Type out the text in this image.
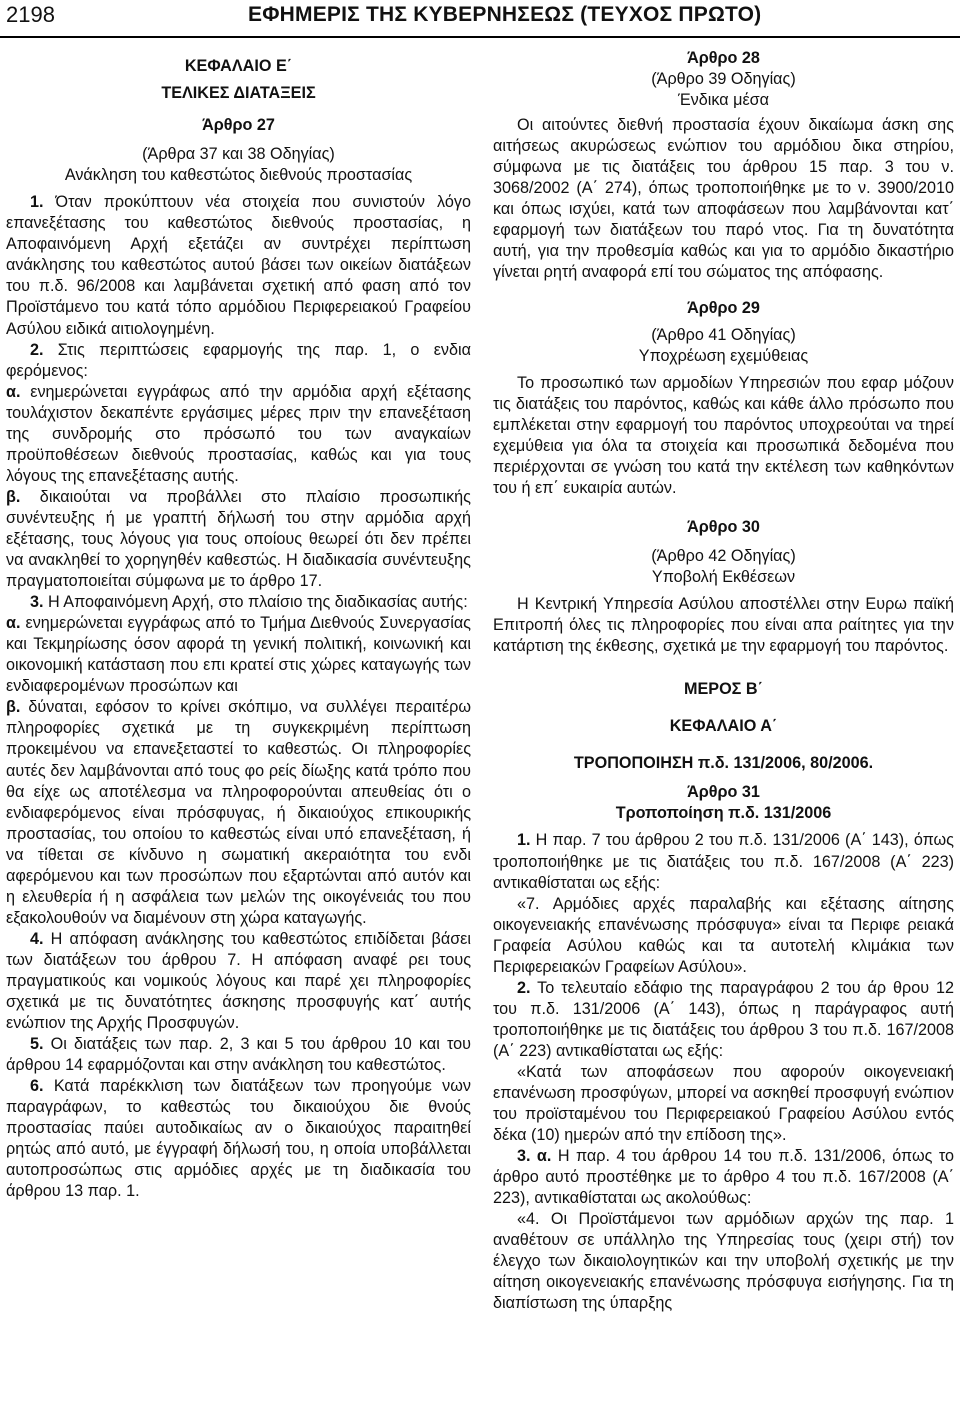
2198	ΕΦΗΜΕΡΙΣ ΤΗΣ ΚΥΒΕΡΝΗΣΕΩΣ (ΤΕΥΧΟΣ ΠΡΩΤΟ)

ΚΕΦΑΛΑΙΟ Ε΄

ΤΕΛΙΚΕΣ ΔΙΑΤΑΞΕΙΣ

Άρθρο 27

(Άρθρα 37 και 38 Οδηγίας)

Ανάκληση του καθεστώτος διεθνούς προστασίας

1. Όταν προκύπτουν νέα στοιχεία που συνιστούν λόγο επανεξέτασης του καθεστώτος διεθνούς προστασίας, η Αποφαινόμενη Αρχή εξετάζει αν συντρέχει περίπτωση ανάκλησης του καθεστώτος αυτού βάσει των οικείων διατάξεων του π.δ. 96/2008 και λαμβάνεται σχετική από φαση από τον Προϊστάμενο του κατά τόπο αρμόδιου Περιφερειακού Γραφείου Ασύλου ειδικά αιτιολογημένη.

2. Στις περιπτώσεις εφαρμογής της παρ. 1, ο ενδια φερόμενος:

α. ενημερώνεται εγγράφως από την αρμόδια αρχή εξέτασης τουλάχιστον δεκαπέντε εργάσιμες μέρες πριν την επανεξέταση της συνδρομής στο πρόσωπό του των αναγκαίων προϋποθέσεων διεθνούς προστασίας, καθώς και για τους λόγους της επανεξέτασης αυτής.

β. δικαιούται να προβάλλει στο πλαίσιο προσωπικής συνέντευξης ή με γραπτή δήλωσή του στην αρμόδια αρχή εξέτασης, τους λόγους για τους οποίους θεωρεί ότι δεν πρέπει να ανακληθεί το χορηγηθέν καθεστώς. Η διαδικασία συνέντευξης πραγματοποιείται σύμφωνα με το άρθρο 17.

3. Η Αποφαινόμενη Αρχή, στο πλαίσιο της διαδικασίας αυτής:

α. ενημερώνεται εγγράφως από το Τμήμα Διεθνούς Συνεργασίας και Τεκμηρίωσης όσον αφορά τη γενική πολιτική, κοινωνική και οικονομική κατάσταση που επι κρατεί στις χώρες καταγωγής των ενδιαφερομένων προσώπων και

β. δύναται, εφόσον το κρίνει σκόπιμο, να συλλέγει περαιτέρω πληροφορίες σχετικά με τη συγκεκριμένη περίπτωση προκειμένου να επανεξεταστεί το καθεστώς. Οι πληροφορίες αυτές δεν λαμβάνονται από τους φο ρείς δίωξης κατά τρόπο που θα είχε ως αποτέλεσμα να πληροφορούνται απευθείας ότι ο ενδιαφερόμενος είναι πρόσφυγας, ή δικαιούχος επικουρικής προστασίας, του οποίου το καθεστώς είναι υπό επανεξέταση, ή να τίθεται σε κίνδυνο η σωματική ακεραιότητα του ενδι αφερόμενου και των προσώπων που εξαρτώνται από αυτόν και η ελευθερία ή η ασφάλεια των μελών της οικογένειάς του που εξακολουθούν να διαμένουν στη χώρα καταγωγής.

4. Η απόφαση ανάκλησης του καθεστώτος επιδίδεται βάσει των διατάξεων του άρθρου 7. Η απόφαση αναφέ ρει τους πραγματικούς και νομικούς λόγους και παρέ χει πληροφορίες σχετικά με τις δυνατότητες άσκησης προσφυγής κατ΄ αυτής ενώπιον της Αρχής Προσφυγών.

5. Οι διατάξεις των παρ. 2, 3 και 5 του άρθρου 10 και του άρθρου 14 εφαρμόζονται και στην ανάκληση του καθεστώτος.

6. Κατά παρέκκλιση των διατάξεων των προηγούμε νων παραγράφων, το καθεστώς του δικαιούχου διε θνούς προστασίας παύει αυτοδικαίως αν ο δικαιούχος παραιτηθεί ρητώς από αυτό, με έγγραφή δήλωσή του, η οποία υποβάλλεται αυτοπροσώπως στις αρμόδιες αρχές με τη διαδικασία του άρθρου 13 παρ. 1.

Άρθρο 28

(Άρθρο 39 Οδηγίας)

Ένδικα μέσα

Οι αιτούντες διεθνή προστασία έχουν δικαίωμα άσκη σης αιτήσεως ακυρώσεως ενώπιον του αρμόδιου δικα στηρίου, σύμφωνα με τις διατάξεις του άρθρου 15 παρ. 3 του ν. 3068/2002 (Α΄ 274), όπως τροποποιήθηκε με το ν. 3900/2010 και όπως ισχύει, κατά των αποφάσεων που λαμβάνονται κατ΄ εφαρμογή των διατάξεων του παρό ντος. Για τη δυνατότητα αυτή, για την προθεσμία καθώς και για το αρμόδιο δικαστήριο γίνεται ρητή αναφορά επί του σώματος της απόφασης.

Άρθρο 29

(Άρθρο 41 Οδηγίας)

Υποχρέωση εχεμύθειας

Το προσωπικό των αρμοδίων Υπηρεσιών που εφαρ μόζουν τις διατάξεις του παρόντος, καθώς και κάθε άλλο πρόσωπο που εμπλέκεται στην εφαρμογή του παρόντος υποχρεούται να τηρεί εχεμύθεια για όλα τα στοιχεία και προσωπικά δεδομένα που περιέρχονται σε γνώση του κατά την εκτέλεση των καθηκόντων του ή επ΄ ευκαιρία αυτών.

Άρθρο 30

(Άρθρο 42 Οδηγίας)

Υποβολή Εκθέσεων

Η Κεντρική Υπηρεσία Ασύλου αποστέλλει στην Ευρω παϊκή Επιτροπή όλες τις πληροφορίες που είναι απα ραίτητες για την κατάρτιση της έκθεσης, σχετικά με την εφαρμογή του παρόντος.

ΜΕΡΟΣ Β΄

ΚΕΦΑΛΑΙΟ Α΄

ΤΡΟΠΟΠΟΙΗΣΗ π.δ. 131/2006, 80/2006.

Άρθρο 31

Τροποποίηση π.δ. 131/2006

1. Η παρ. 7 του άρθρου 2 του π.δ. 131/2006 (Α΄ 143), όπως τροποποιήθηκε με τις διατάξεις του π.δ. 167/2008 (Α΄ 223) αντικαθίσταται ως εξής:

«7. Αρμόδιες αρχές παραλαβής και εξέτασης αίτησης οικογενειακής επανένωσης πρόσφυγα» είναι τα Περιφε ρειακά Γραφεία Ασύλου καθώς και τα αυτοτελή κλιμάκια των Περιφερειακών Γραφείων Ασύλου».

2. Το τελευταίο εδάφιο της παραγράφου 2 του άρ θρου 12 του π.δ. 131/2006 (Α΄ 143), όπως η παράγραφος αυτή τροποποιήθηκε με τις διατάξεις του άρθρου 3 του π.δ. 167/2008 (Α΄ 223) αντικαθίσταται ως εξής:

«Κατά των αποφάσεων που αφορούν οικογενειακή επανένωση προσφύγων, μπορεί να ασκηθεί προσφυγή ενώπιον του προϊσταμένου του Περιφερειακού Γραφείου Ασύλου εντός δέκα (10) ημερών από την επίδοση της».

3. α. Η παρ. 4 του άρθρου 14 του π.δ. 131/2006, όπως το άρθρο αυτό προστέθηκε με το άρθρο 4 του π.δ. 167/2008 (Α΄ 223), αντικαθίσταται ως ακολούθως:

«4. Οι Προϊστάμενοι των αρμόδιων αρχών της παρ. 1 αναθέτουν σε υπάλληλο της Υπηρεσίας τους (χειρι στή) τον έλεγχο των δικαιολογητικών και την υποβολή σχετικής με την αίτηση οικογενειακής επανένωσης πρόσφυγα εισήγησης. Για τη διαπίστωση της ύπαρξης
